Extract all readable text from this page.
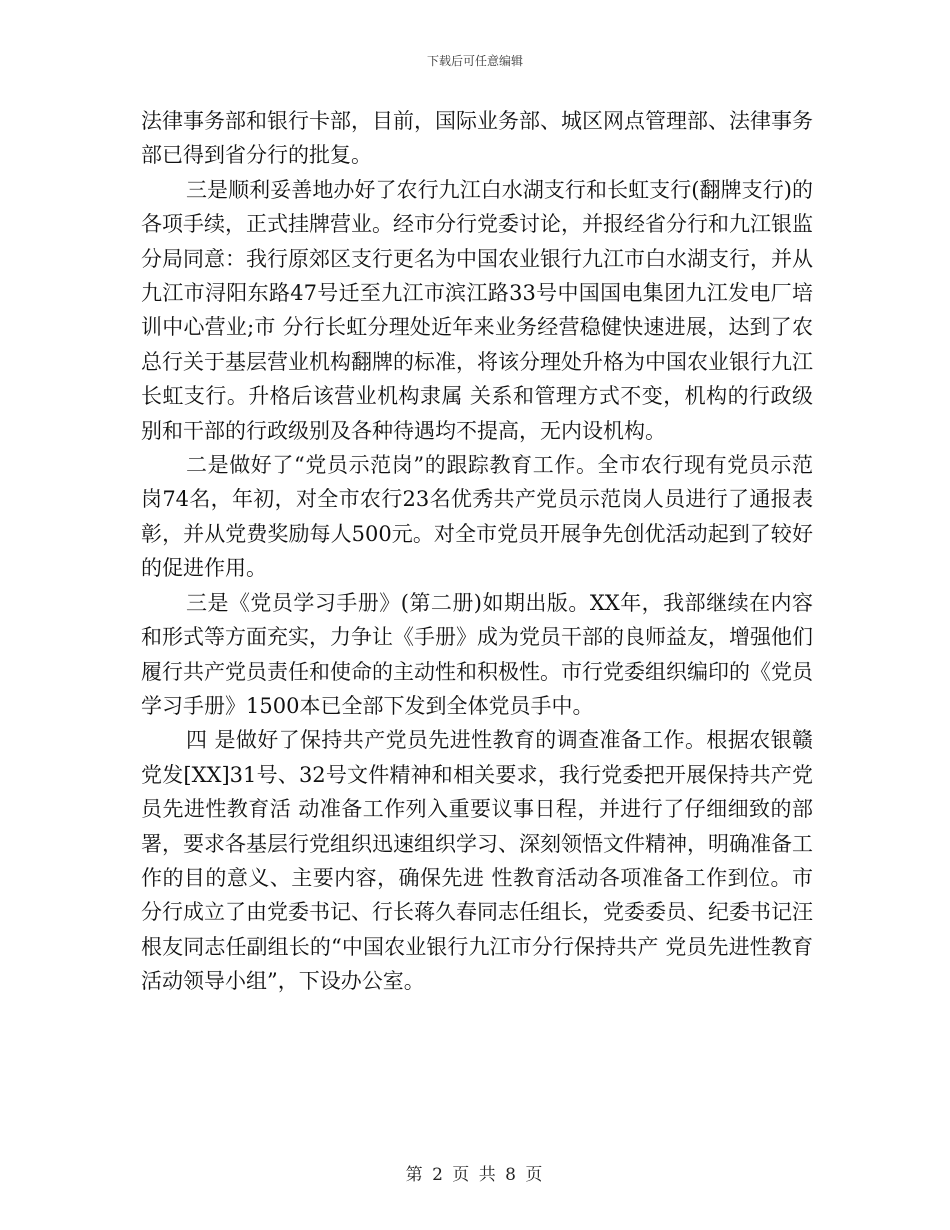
下载后可任意编辑

法律事务部和银行卡部，目前，国际业务部、城区网点管理部、法律事务部已得到省分行的批复。

三是顺利妥善地办好了农行九江白水湖支行和长虹支行(翻牌支行)的各项手续，正式挂牌营业。经市分行党委讨论，并报经省分行和九江银监 分局同意：我行原郊区支行更名为中国农业银行九江市白水湖支行，并从九江市浔阳东路47号迁至九江市滨江路33号中国国电集团九江发电厂培训中心营业;市 分行长虹分理处近年来业务经营稳健快速进展，达到了农总行关于基层营业机构翻牌的标准，将该分理处升格为中国农业银行九江长虹支行。升格后该营业机构隶属 关系和管理方式不变，机构的行政级别和干部的行政级别及各种待遇均不提高，无内设机构。

二是做好了“党员示范岗”的跟踪教育工作。全市农行现有党员示范岗74名，年初，对全市农行23名优秀共产党员示范岗人员进行了通报表彰，并从党费奖励每人500元。对全市党员开展争先创优活动起到了较好的促进作用。

三是《党员学习手册》(第二册)如期出版。XX年，我部继续在内容和形式等方面充实，力争让《手册》成为党员干部的良师益友，增强他们履行共产党员责任和使命的主动性和积极性。市行党委组织编印的《党员学习手册》1500本已全部下发到全体党员手中。

四 是做好了保持共产党员先进性教育的调查准备工作。根据农银赣党发[XX]31号、32号文件精神和相关要求，我行党委把开展保持共产党员先进性教育活 动准备工作列入重要议事日程，并进行了仔细细致的部署，要求各基层行党组织迅速组织学习、深刻领悟文件精神，明确准备工作的目的意义、主要内容，确保先进 性教育活动各项准备工作到位。市分行成立了由党委书记、行长蒋久春同志任组长，党委委员、纪委书记汪根友同志任副组长的“中国农业银行九江市分行保持共产 党员先进性教育活动领导小组”，下设办公室。

第 2 页 共 8 页
